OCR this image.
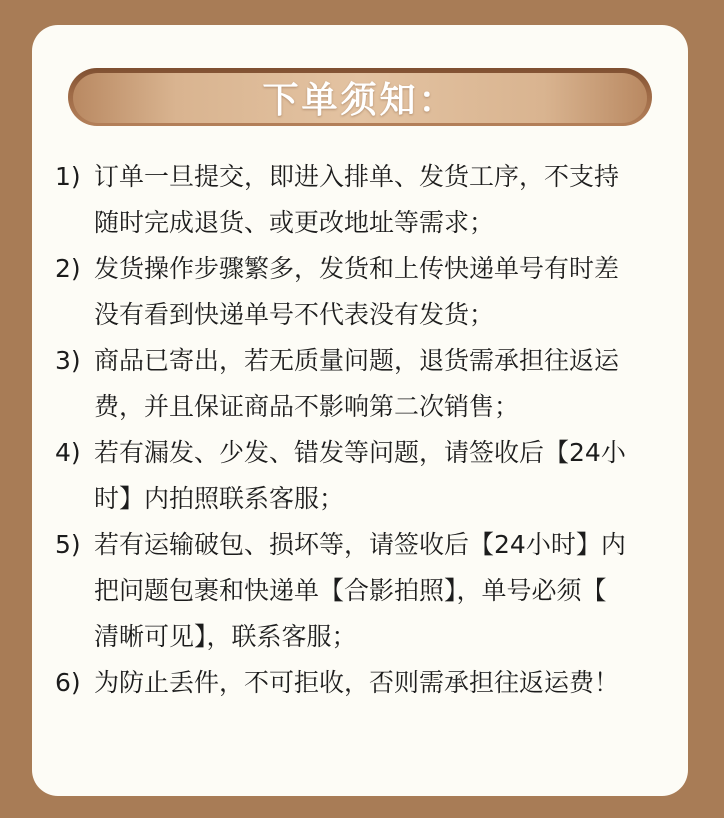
下单须知：
1) 订单一旦提交，即进入排单、发货工序，不支持
随时完成退货、或更改地址等需求；
2) 发货操作步骤繁多，发货和上传快递单号有时差
没有看到快递单号不代表没有发货；
3) 商品已寄出，若无质量问题，退货需承担往返运
费，并且保证商品不影响第二次销售；
4) 若有漏发、少发、错发等问题，请签收后【24小
时】内拍照联系客服；
5) 若有运输破包、损坏等，请签收后【24小时】内
把问题包裹和快递单【合影拍照】，单号必须【
清晰可见】，联系客服；
6) 为防止丢件，不可拒收，否则需承担往返运费！
